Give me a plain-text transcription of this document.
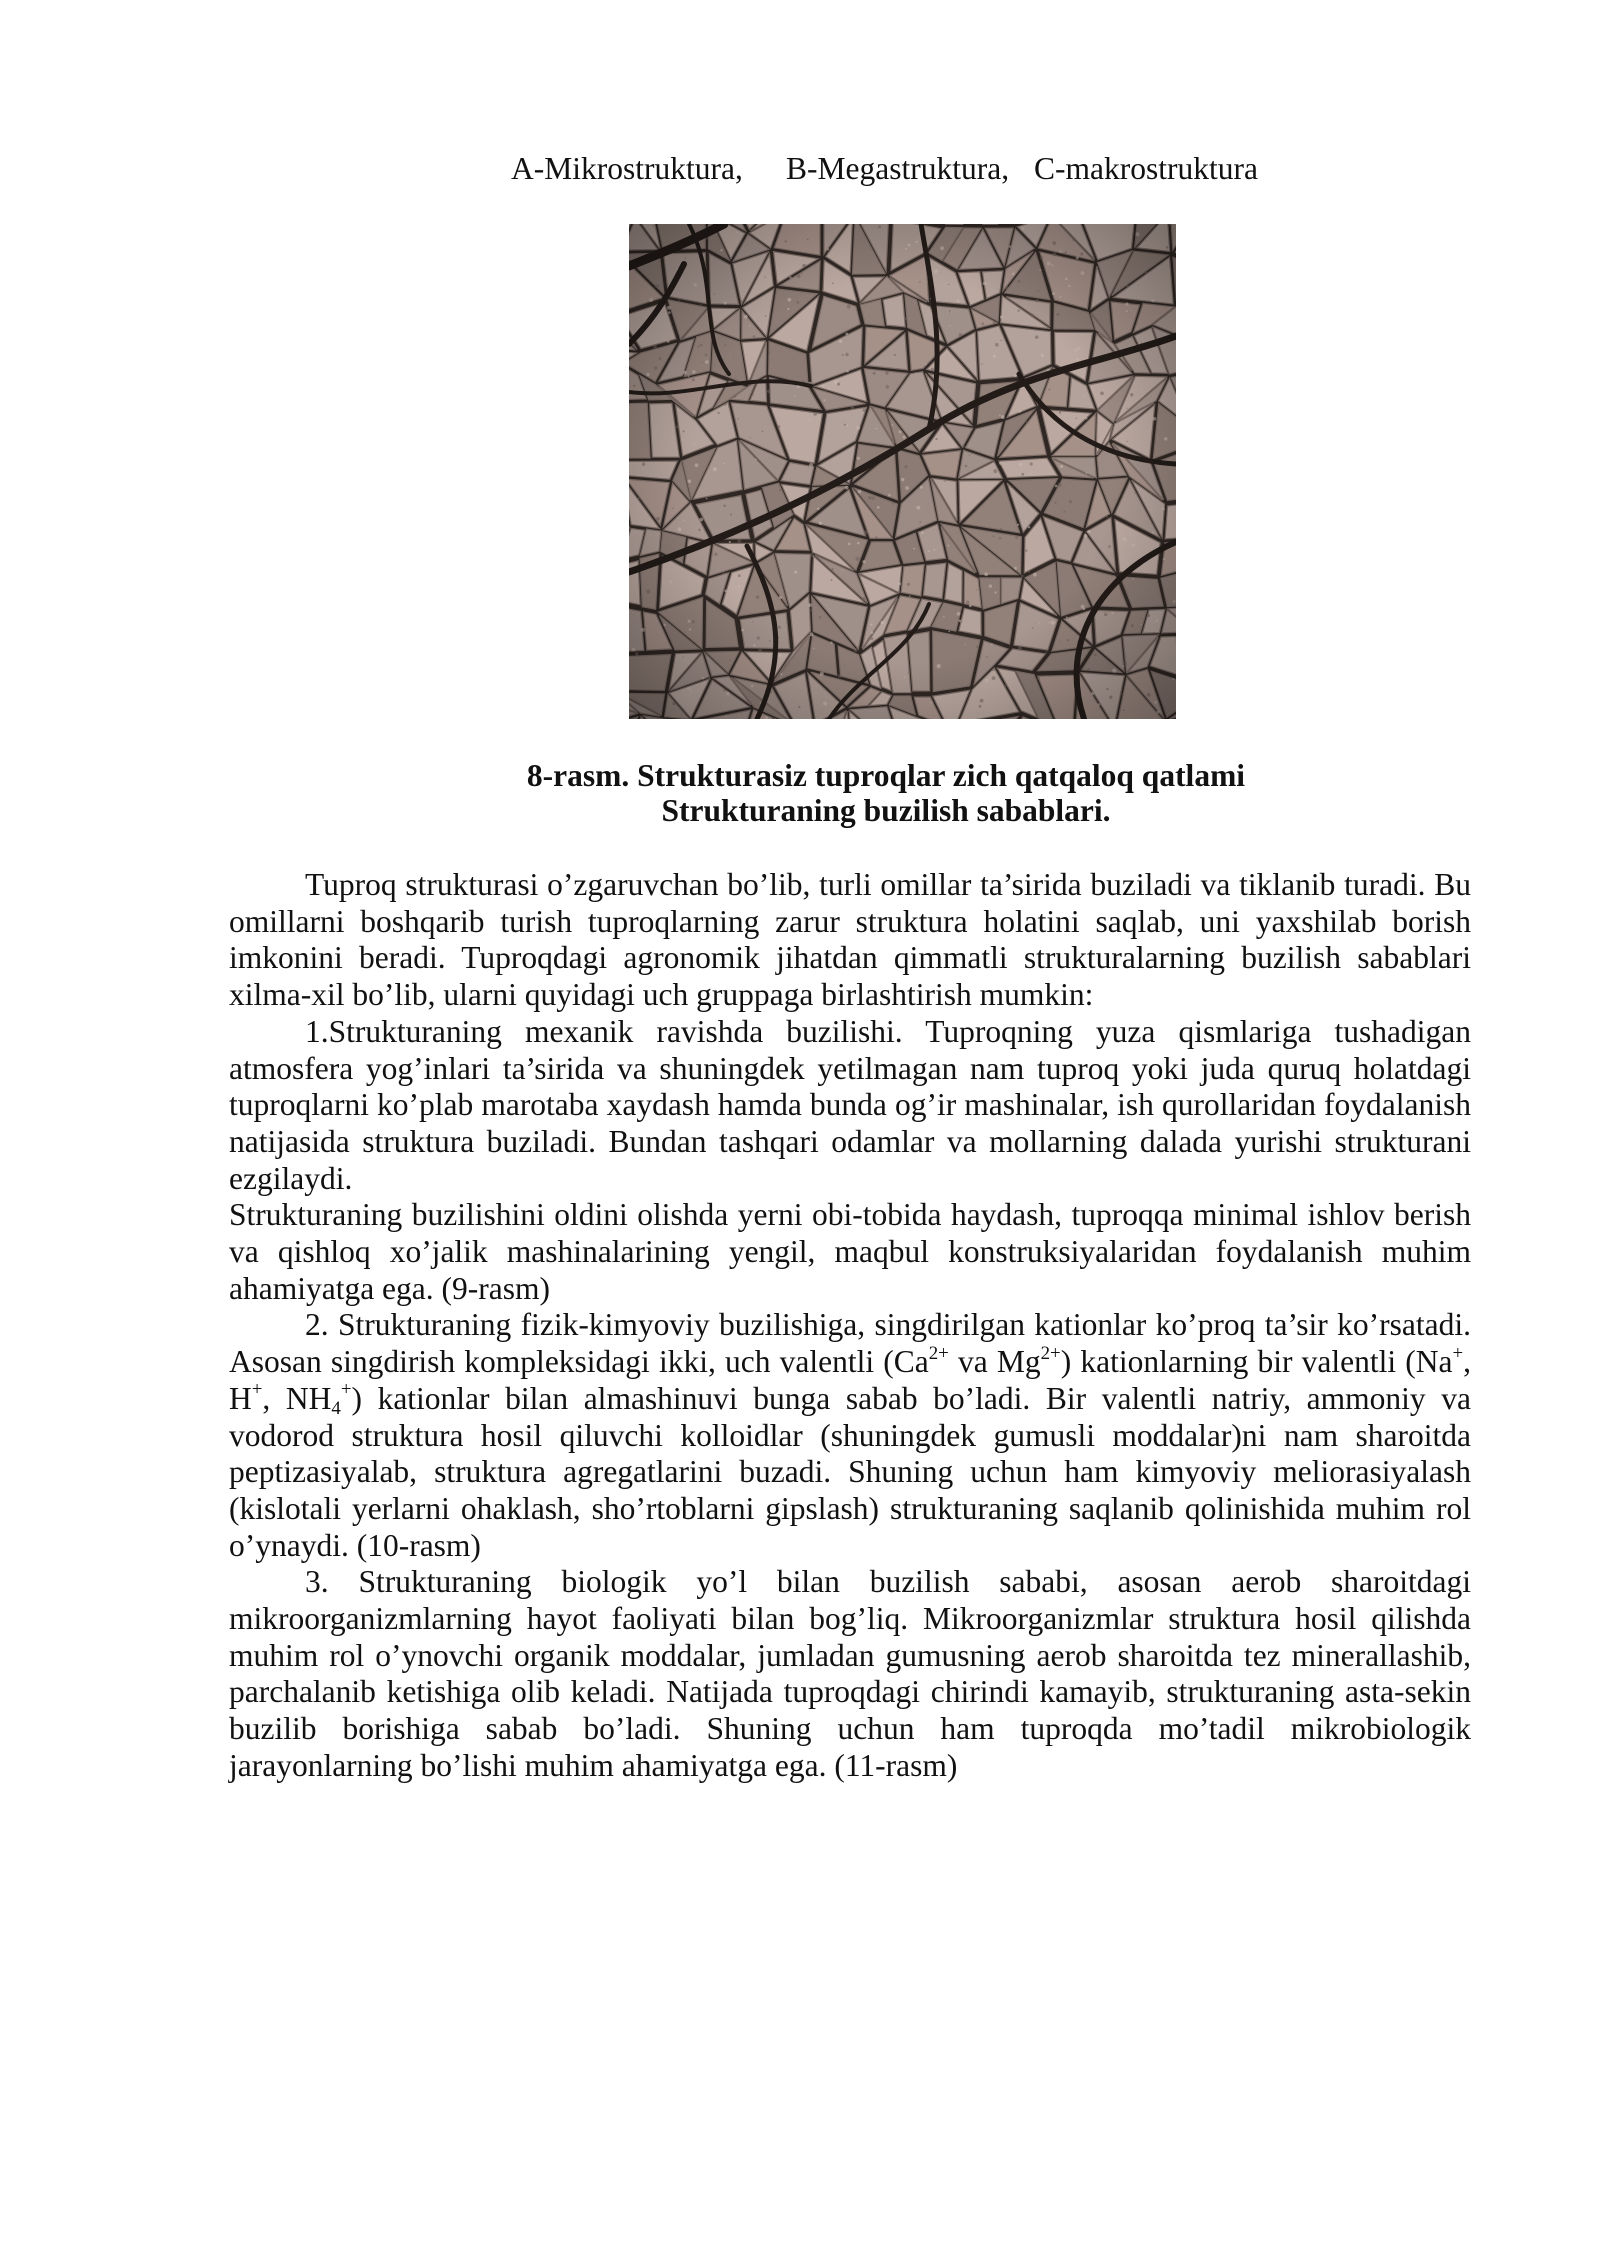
A-Mikrostruktura, B-Megastruktura, C-makrostruktura
8-rasm. Strukturasiz tuproqlar zich qatqaloq qatlami
Strukturaning buzilish sabablari.

Tuproq strukturasi o’zgaruvchan bo’lib, turli omillar ta’sirida buziladi va tiklanib turadi. Bu omillarni boshqarib turish tuproqlarning zarur struktura holatini saqlab, uni yaxshilab borish imkonini beradi. Tuproqdagi agronomik jihatdan qimmatli strukturalarning buzilish sabablari xilma-xil bo’lib, ularni quyidagi uch gruppaga birlashtirish mumkin:

1.Strukturaning mexanik ravishda buzilishi. Tuproqning yuza qismlariga tushadigan atmosfera yog’inlari ta’sirida va shuningdek yetilmagan nam tuproq yoki juda quruq holatdagi tuproqlarni ko’plab marotaba xaydash hamda bunda og’ir mashinalar, ish qurollaridan foydalanish natijasida struktura buziladi. Bundan tashqari odamlar va mollarning dalada yurishi strukturani ezgilaydi.

Strukturaning buzilishini oldini olishda yerni obi-tobida haydash, tuproqqa minimal ishlov berish va qishloq xo’jalik mashinalarining yengil, maqbul konstruksiyalaridan foydalanish muhim ahamiyatga ega. (9-rasm)

2. Strukturaning fizik-kimyoviy buzilishiga, singdirilgan kationlar ko’proq ta’sir ko’rsatadi. Asosan singdirish kompleksidagi ikki, uch valentli ($Ca^{2+}$ va $Mg^{2+}$) kationlarning bir valentli (Na+, H+, NH4+) kationlar bilan almashinuvi bunga sabab bo’ladi. Bir valentli natriy, ammoniy va vodorod struktura hosil qiluvchi kolloidlar (shuningdek gumusli moddalar)ni nam sharoitda peptizasiyalab, struktura agregatlarini buzadi. Shuning uchun ham kimyoviy meliorasiyalash (kislotali yerlarni ohaklash, sho’rtoblarni gipslash) strukturaning saqlanib qolinishida muhim rol o’ynaydi. (10-rasm)

3. Strukturaning biologik yo’l bilan buzilish sababi, asosan aerob sharoitdagi mikroorganizmlarning hayot faoliyati bilan bog’liq. Mikroorganizmlar struktura hosil qilishda muhim rol o’ynovchi organik moddalar, jumladan gumusning aerob sharoitda tez minerallashib, parchalanib ketishiga olib keladi. Natijada tuproqdagi chirindi kamayib, strukturaning asta-sekin buzilib borishiga sabab bo’ladi. Shuning uchun ham tuproqda mo’tadil mikrobiologik jarayonlarning bo’lishi muhim ahamiyatga ega. (11-rasm)
